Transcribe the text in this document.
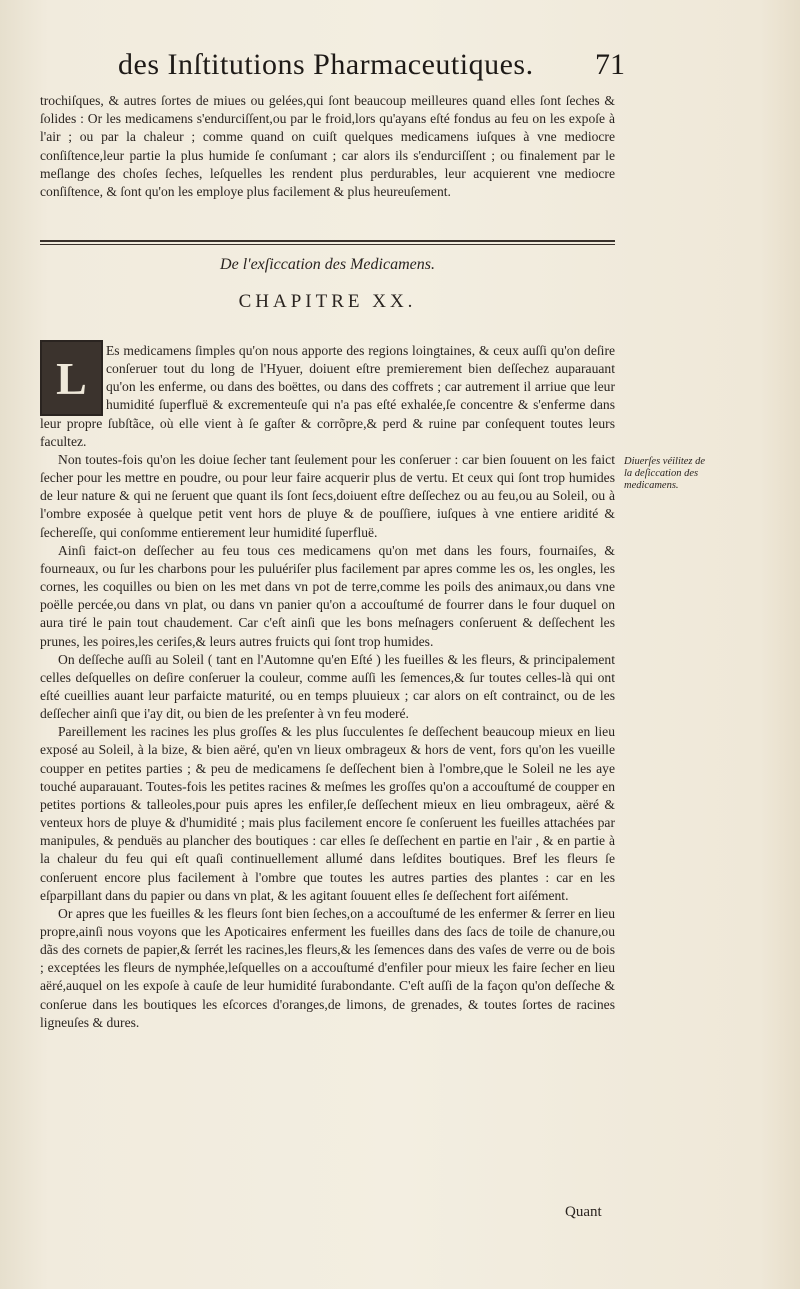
des Inſtitutions Pharmaceutiques.	71

trochiſques, & autres ſortes de miues ou gelées,qui ſont beaucoup meilleures quand elles ſont ſeches & ſolides : Or les medicamens s'endurciſſent,ou par le froid,lors qu'ayans eſté fondus au feu on les expoſe à l'air ; ou par la chaleur ; comme quand on cuiſt quelques medicamens iuſques à vne mediocre conſiſtence,leur partie la plus humide ſe conſumant ; car alors ils s'endurciſſent ; ou finalement par le meſlange des choſes ſeches, leſquelles les rendent plus perdurables, leur acquierent vne mediocre conſiſtence, & ſont qu'on les employe plus facilement & plus heureuſement.

De l'exſiccation des Medicamens.
CHAPITRE XX.
L

Es medicamens ſimples qu'on nous apporte des regions loingtaines, & ceux auſſi qu'on deſire conſeruer tout du long de l'Hyuer, doiuent eſtre premierement bien deſſechez auparauant qu'on les enferme, ou dans des boëttes, ou dans des coffrets ; car autrement il arriue que leur humidité ſuperfluë & excrementeuſe qui n'a pas eſté exhalée,ſe concentre & s'enferme dans leur propre ſubſtãce, où elle vient à ſe gaſter & corrõpre,& perd & ruine par conſequent toutes leurs facultez.

Non toutes-fois qu'on les doiue ſecher tant ſeulement pour les conſeruer : car bien ſouuent on les faict ſecher pour les mettre en poudre, ou pour leur faire acquerir plus de vertu. Et ceux qui ſont trop humides de leur nature & qui ne ſeruent que quant ils ſont ſecs,doiuent eſtre deſſechez ou au feu,ou au Soleil, ou à l'ombre exposée à quelque petit vent hors de pluye & de pouſſiere, iuſques à vne entiere aridité & ſechereſſe, qui conſomme entierement leur humidité ſuperfluë.

Ainſi faict-on deſſecher au feu tous ces medicamens qu'on met dans les fours, fournaiſes, & fourneaux, ou ſur les charbons pour les puluériſer plus facilement par apres comme les os, les ongles, les cornes, les coquilles ou bien on les met dans vn pot de terre,comme les poils des animaux,ou dans vne poëlle percée,ou dans vn plat, ou dans vn panier qu'on a accouſtumé de fourrer dans le four duquel on aura tiré le pain tout chaudement. Car c'eſt ainſi que les bons meſnagers conſeruent & deſſechent les prunes, les poires,les ceriſes,& leurs autres fruicts qui ſont trop humides.

On deſſeche auſſi au Soleil ( tant en l'Automne qu'en Eſté ) les fueilles & les fleurs, & principalement celles deſquelles on deſire conſeruer la couleur, comme auſſi les ſemences,& ſur toutes celles-là qui ont eſté cueillies auant leur parfaicte maturité, ou en temps pluuieux ; car alors on eſt contrainct, ou de les deſſecher ainſi que i'ay dit, ou bien de les preſenter à vn feu moderé.

Pareillement les racines les plus groſſes & les plus ſucculentes ſe deſſechent beaucoup mieux en lieu exposé au Soleil, à la bize, & bien aëré, qu'en vn lieux ombrageux & hors de vent, fors qu'on les vueille coupper en petites parties ; & peu de medicamens ſe deſſechent bien à l'ombre,que le Soleil ne les aye touché auparauant. Toutes-fois les petites racines & meſmes les groſſes qu'on a accouſtumé de coupper en petites portions & talleoles,pour puis apres les enfiler,ſe deſſechent mieux en lieu ombrageux, aëré & venteux hors de pluye & d'humidité ; mais plus facilement encore ſe conſeruent les fueilles attachées par manipules, & penduës au plancher des boutiques : car elles ſe deſſechent en partie en l'air , & en partie à la chaleur du feu qui eſt quaſi continuellement allumé dans leſdites boutiques. Bref les fleurs ſe conſeruent encore plus facilement à l'ombre que toutes les autres parties des plantes : car en les eſparpillant dans du papier ou dans vn plat, & les agitant ſouuent elles ſe deſſechent fort aiſément.

Or apres que les fueilles & les fleurs ſont bien ſeches,on a accouſtumé de les enfermer & ſerrer en lieu propre,ainſi nous voyons que les Apoticaires enferment les fueilles dans des ſacs de toile de chanure,ou dãs des cornets de papier,& ſerrét les racines,les fleurs,& les ſemences dans des vaſes de verre ou de bois ; exceptées les fleurs de nymphée,leſquelles on a accouſtumé d'enfiler pour mieux les faire ſecher en lieu aëré,auquel on les expoſe à cauſe de leur humidité ſurabondante. C'eſt auſſi de la façon qu'on deſſeche & conſerue dans les boutiques les eſcorces d'oranges,de limons, de grenades, & toutes ſortes de racines ligneuſes & dures.

Diuerſes véilitez de la deſiccation des medicamens.
Quant
